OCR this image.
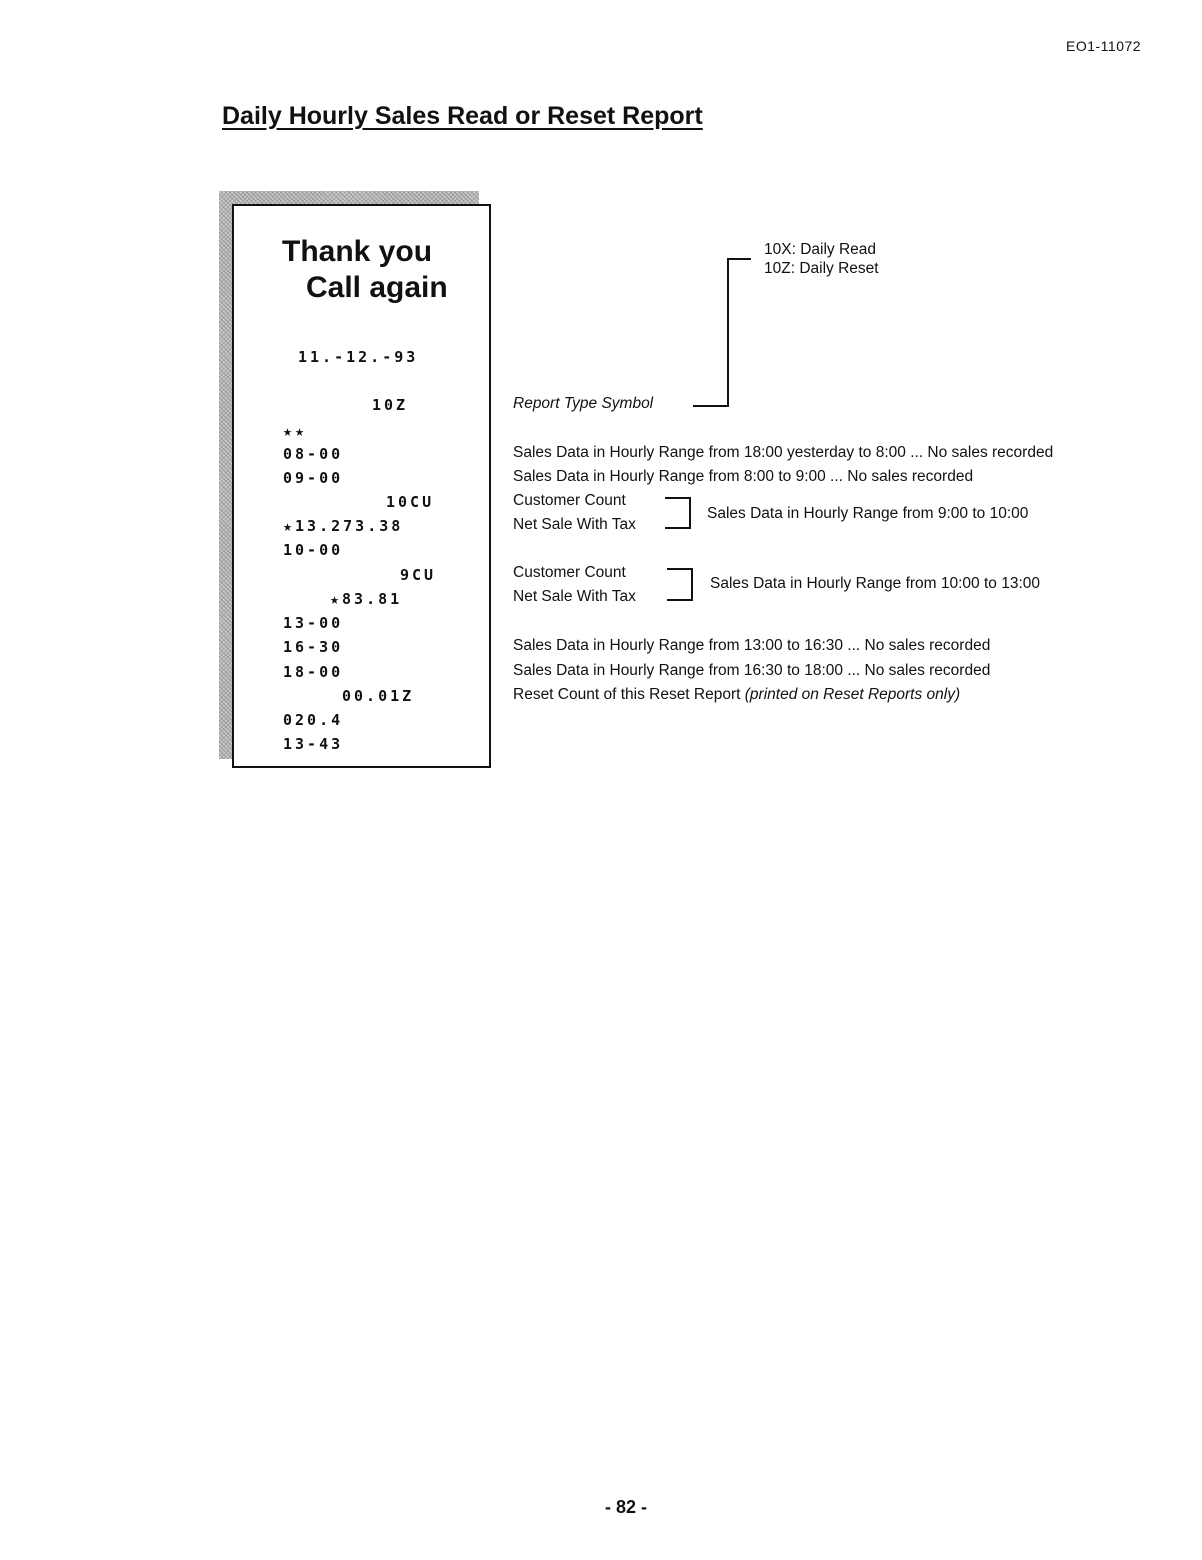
EO1-11072
Daily Hourly Sales Read or Reset Report
Thank you
Call again
11.-12.-93
10Z
★★
08-00
09-00
10CU
★13.273.38
10-00
9CU
★83.81
13-00
16-30
18-00
00.01Z
020.4
13-43
10X: Daily Read
10Z: Daily Reset
Report Type Symbol
Sales Data in Hourly Range from 18:00 yesterday to 8:00 ... No sales recorded
Sales Data in Hourly Range from 8:00 to 9:00 ... No sales recorded
Customer Count
Net Sale With Tax
Sales Data in Hourly Range from 9:00 to 10:00
Customer Count
Net Sale With Tax
Sales Data in Hourly Range from 10:00 to 13:00
Sales Data in Hourly Range from 13:00 to 16:30 ... No sales recorded
Sales Data in Hourly Range from 16:30 to 18:00 ... No sales recorded
Reset Count of this Reset Report (printed on Reset Reports only)
- 82 -
